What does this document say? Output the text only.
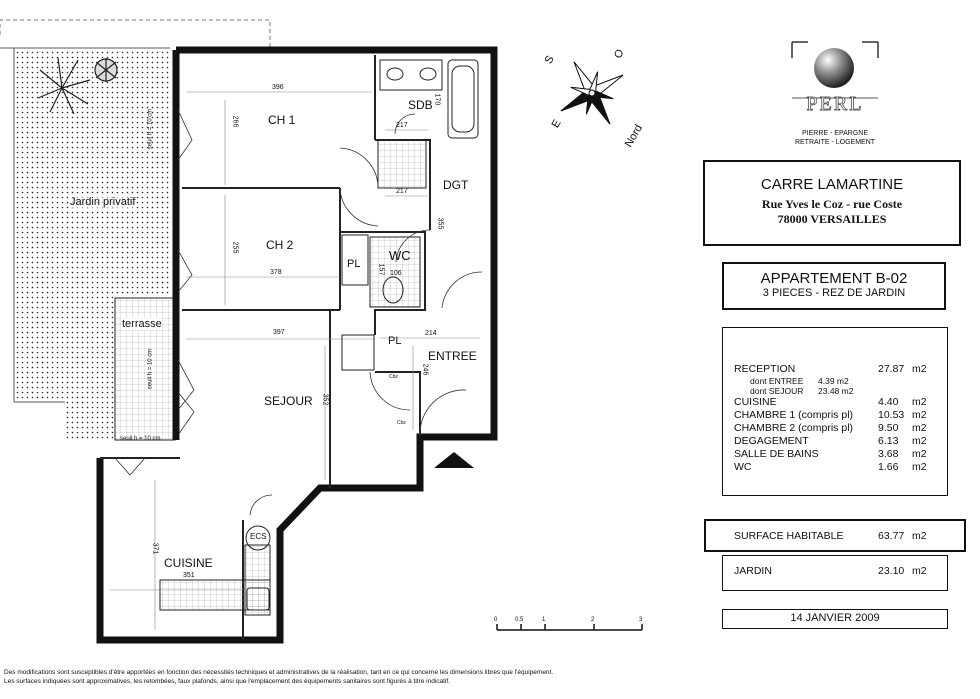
CH 1
SDB
DGT
CH 2
WC
PL
PL
terrasse
ENTREE
SEJOUR
CUISINE
Jardin privatif
ECS
396
266	217
170
217
355
378
255
106
157
397
352
214
246
351
371
seuil h = 10 cm
seuil h = 10 cm
seuil h = 10 cm
Cbz
Cbz
0	0.5	1	2	3
O
S
E	Nord
PERL
PIERRE - EPARGNE
RETRAITE - LOGEMENT
CARRE LAMARTINE
Rue Yves le Coz - rue Coste
78000 VERSAILLES
APPARTEMENT B-02
3 PIECES - REZ DE JARDIN
RECEPTION	27.87 m2
dont ENTREE 4.39 m2
dont SEJOUR 23.48 m2
CUISINE	4.40 m2
CHAMBRE 1 (compris pl) 10.53 m2
CHAMBRE 2 (compris pl) 9.50 m2
DEGAGEMENT	6.13 m2
SALLE DE BAINS	3.68 m2
WC	1.66 m2
SURFACE HABITABLE	63.77 m2
JARDIN	23.10 m2
14 JANVIER 2009
Des modifications sont susceptibles d'être apportées en fonction des nécessités techniques et administratives de la réalisation, tant en ce qui concerne les dimensions libres que l'équipement.
Les surfaces indiquées sont approximatives, les retombées, faux plafonds, ainsi que l'emplacement des équipements sanitaires sont figurés à titre indicatif.
